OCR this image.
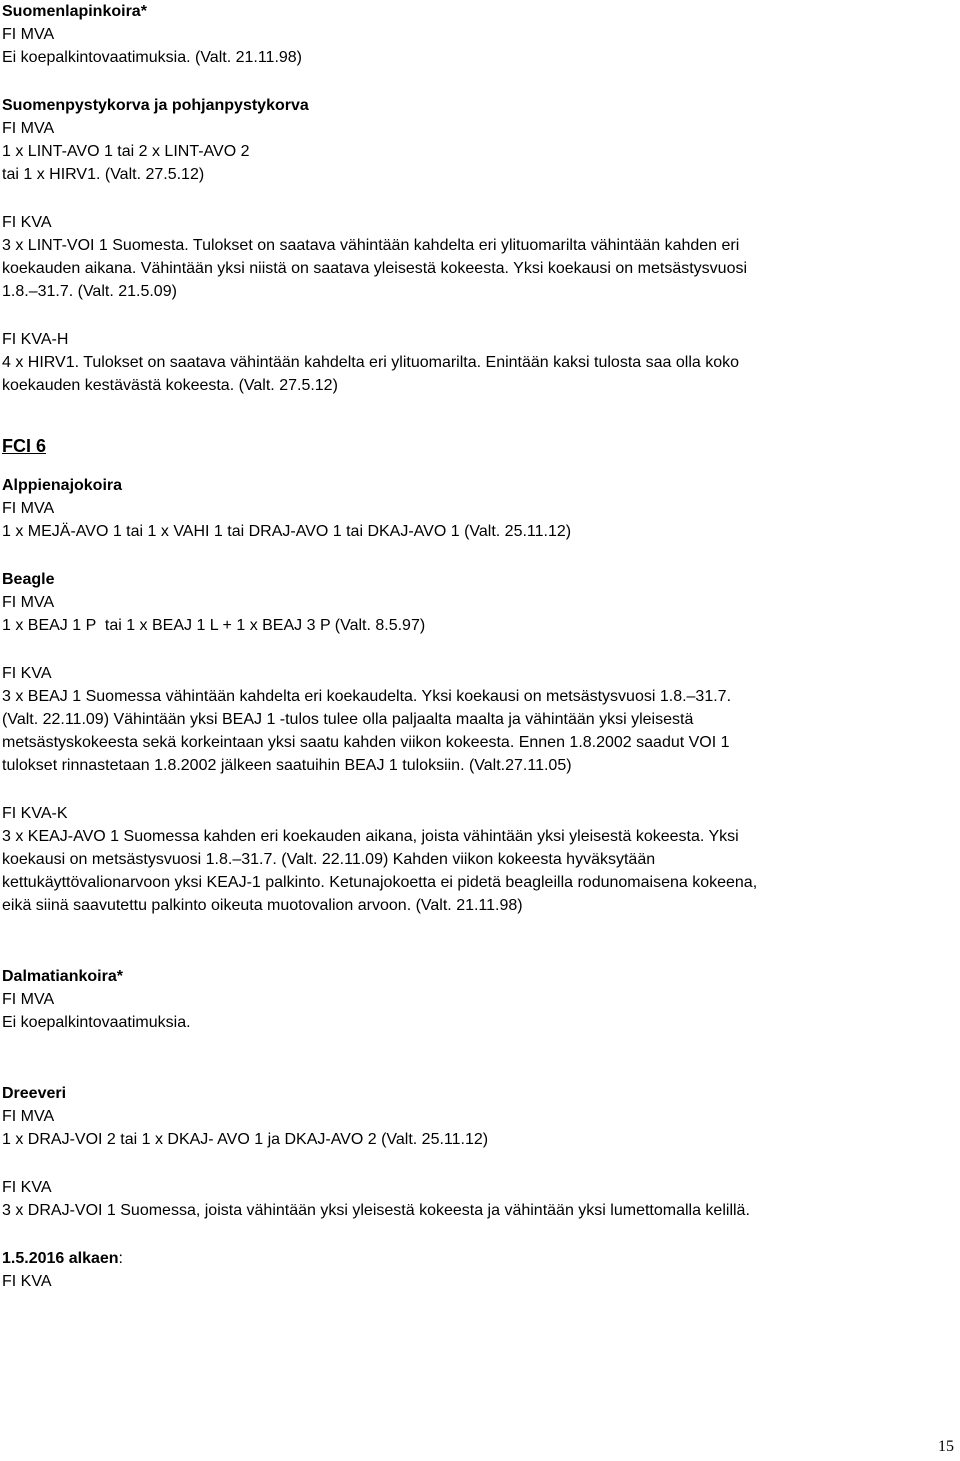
Suomenlapinkoira*
FI MVA
Ei koepalkintovaatimuksia. (Valt. 21.11.98)
Suomenpystykorva ja pohjanpystykorva
FI MVA
1 x LINT-AVO 1 tai 2 x LINT-AVO 2
tai 1 x HIRV1. (Valt. 27.5.12)
FI KVA
3 x LINT-VOI 1 Suomesta. Tulokset on saatava vähintään kahdelta eri ylituomarilta vähintään kahden eri
koekauden aikana. Vähintään yksi niistä on saatava yleisestä kokeesta. Yksi koekausi on metsästysvuosi
1.8.–31.7. (Valt. 21.5.09)
FI KVA-H
4 x HIRV1. Tulokset on saatava vähintään kahdelta eri ylituomarilta. Enintään kaksi tulosta saa olla koko
koekauden kestävästä kokeesta. (Valt. 27.5.12)
FCI 6
Alppienajokoira
FI MVA
1 x MEJÄ-AVO 1 tai 1 x VAHI 1 tai DRAJ-AVO 1 tai DKAJ-AVO 1 (Valt. 25.11.12)
Beagle
FI MVA
1 x BEAJ 1 P  tai 1 x BEAJ 1 L + 1 x BEAJ 3 P (Valt. 8.5.97)
FI KVA
3 x BEAJ 1 Suomessa vähintään kahdelta eri koekaudelta. Yksi koekausi on metsästysvuosi 1.8.–31.7.
(Valt. 22.11.09) Vähintään yksi BEAJ 1 -tulos tulee olla paljaalta maalta ja vähintään yksi yleisestä
metsästyskokeesta sekä korkeintaan yksi saatu kahden viikon kokeesta. Ennen 1.8.2002 saadut VOI 1
tulokset rinnastetaan 1.8.2002 jälkeen saatuihin BEAJ 1 tuloksiin. (Valt.27.11.05)
FI KVA-K
3 x KEAJ-AVO 1 Suomessa kahden eri koekauden aikana, joista vähintään yksi yleisestä kokeesta. Yksi
koekausi on metsästysvuosi 1.8.–31.7. (Valt. 22.11.09) Kahden viikon kokeesta hyväksytään
kettukäyttövalionarvoon yksi KEAJ-1 palkinto. Ketunajokoetta ei pidetä beagleilla rodunomaisena kokeena,
eikä siinä saavutettu palkinto oikeuta muotovalion arvoon. (Valt. 21.11.98)
Dalmatiankoira*
FI MVA
Ei koepalkintovaatimuksia.
Dreeveri
FI MVA
1 x DRAJ-VOI 2 tai 1 x DKAJ- AVO 1 ja DKAJ-AVO 2 (Valt. 25.11.12)
FI KVA
3 x DRAJ-VOI 1 Suomessa, joista vähintään yksi yleisestä kokeesta ja vähintään yksi lumettomalla kelillä.
1.5.2016 alkaen:
FI KVA
15
